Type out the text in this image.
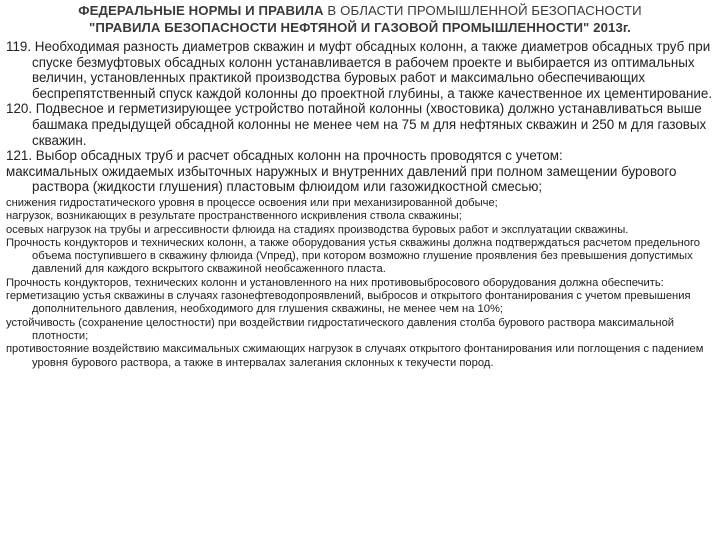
ФЕДЕРАЛЬНЫЕ НОРМЫ И ПРАВИЛА В ОБЛАСТИ ПРОМЫШЛЕННОЙ БЕЗОПАСНОСТИ
"ПРАВИЛА БЕЗОПАСНОСТИ НЕФТЯНОЙ И ГАЗОВОЙ ПРОМЫШЛЕННОСТИ" 2013г.

119. Необходимая разность диаметров скважин и муфт обсадных колонн, а также диаметров обсадных труб при спуске безмуфтовых обсадных колонн устанавливается в рабочем проекте и выбирается из оптимальных величин, установленных практикой производства буровых работ и максимально обеспечивающих беспрепятственный спуск каждой колонны до проектной глубины, а также качественное их цементирование.

120. Подвесное и герметизирующее устройство потайной колонны (хвостовика) должно устанавливаться выше башмака предыдущей обсадной колонны не менее чем на 75 м для нефтяных скважин и 250 м для газовых скважин.

121. Выбор обсадных труб и расчет обсадных колонн на прочность проводятся с учетом:

максимальных ожидаемых избыточных наружных и внутренних давлений при полном замещении бурового раствора (жидкости глушения) пластовым флюидом или газожидкостной смесью;

снижения гидростатического уровня в процессе освоения или при механизированной добыче;

нагрузок, возникающих в результате пространственного искривления ствола скважины;

осевых нагрузок на трубы и агрессивности флюида на стадиях производства буровых работ и эксплуатации скважины.

Прочность кондукторов и технических колонн, а также оборудования устья скважины должна подтверждаться расчетом предельного объема поступившего в скважину флюида (Vпред), при котором возможно глушение проявления без превышения допустимых давлений для каждого вскрытого скважиной необсаженного пласта.

Прочность кондукторов, технических колонн и установленного на них противовыбросового оборудования должна обеспечить:

герметизацию устья скважины в случаях газонефтеводопроявлений, выбросов и открытого фонтанирования с учетом превышения дополнительного давления, необходимого для глушения скважины, не менее чем на 10%;

устойчивость (сохранение целостности) при воздействии гидростатического давления столба бурового раствора максимальной плотности;

противостояние воздействию максимальных сжимающих нагрузок в случаях открытого фонтанирования или поглощения с падением уровня бурового раствора, а также в интервалах залегания склонных к текучести пород.
